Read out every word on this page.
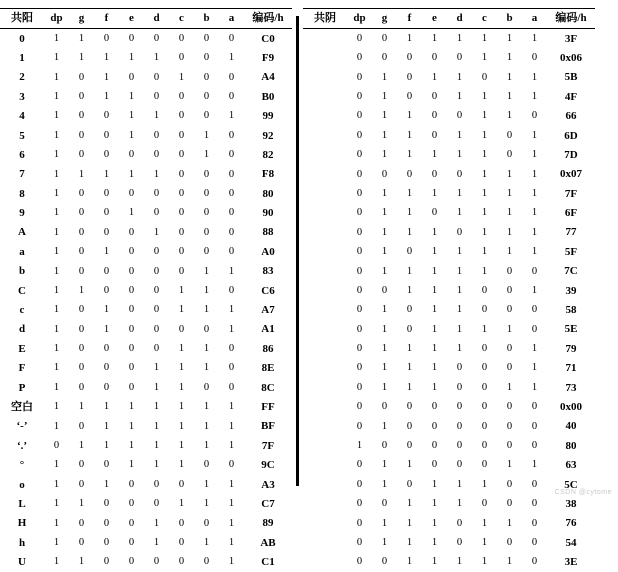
共阳	dp	g	f	e	d	c	b	a	编码/h
0	1	1	0	0	0	0	0	0	C0
1	1	1	1	1	1	0	0	1	F9
2	1	0	1	0	0	1	0	0	A4
3	1	0	1	1	0	0	0	0	B0
4	1	0	0	1	1	0	0	1	99
5	1	0	0	1	0	0	1	0	92
6	1	0	0	0	0	0	1	0	82
7	1	1	1	1	1	0	0	0	F8
8	1	0	0	0	0	0	0	0	80
9	1	0	0	1	0	0	0	0	90
A	1	0	0	0	1	0	0	0	88
a	1	0	1	0	0	0	0	0	A0
b	1	0	0	0	0	0	1	1	83
C	1	1	0	0	0	1	1	0	C6
c	1	0	1	0	0	1	1	1	A7
d	1	0	1	0	0	0	0	1	A1
E	1	0	0	0	0	1	1	0	86
F	1	0	0	0	1	1	1	0	8E
P	1	0	0	0	1	1	0	0	8C
空白	1	1	1	1	1	1	1	1	FF
‘-’	1	0	1	1	1	1	1	1	BF
‘.’	0	1	1	1	1	1	1	1	7F
°	1	0	0	1	1	1	0	0	9C
o	1	0	1	0	0	0	1	1	A3
L	1	1	0	0	0	1	1	1	C7
H	1	0	0	0	1	0	0	1	89
h	1	0	0	0	1	0	1	1	AB
U	1	1	0	0	0	0	0	1	C1
共阴	dp	g	f	e	d	c	b	a	编码/h
	0	0	1	1	1	1	1	1	3F
	0	0	0	0	0	1	1	0	0x06
	0	1	0	1	1	0	1	1	5B
	0	1	0	0	1	1	1	1	4F
	0	1	1	0	0	1	1	0	66
	0	1	1	0	1	1	0	1	6D
	0	1	1	1	1	1	0	1	7D
	0	0	0	0	0	1	1	1	0x07
	0	1	1	1	1	1	1	1	7F
	0	1	1	0	1	1	1	1	6F
	0	1	1	1	0	1	1	1	77
	0	1	0	1	1	1	1	1	5F
	0	1	1	1	1	1	0	0	7C
	0	0	1	1	1	0	0	1	39
	0	1	0	1	1	0	0	0	58
	0	1	0	1	1	1	1	0	5E
	0	1	1	1	1	0	0	1	79
	0	1	1	1	0	0	0	1	71
	0	1	1	1	0	0	1	1	73
	0	0	0	0	0	0	0	0	0x00
	0	1	0	0	0	0	0	0	40
	1	0	0	0	0	0	0	0	80
	0	1	1	0	0	0	1	1	63
	0	1	0	1	1	1	0	0	5C
	0	0	1	1	1	0	0	0	38
	0	1	1	1	0	1	1	0	76
	0	1	1	1	0	1	0	0	54
	0	0	1	1	1	1	1	0	3E
CSDN @cytome
